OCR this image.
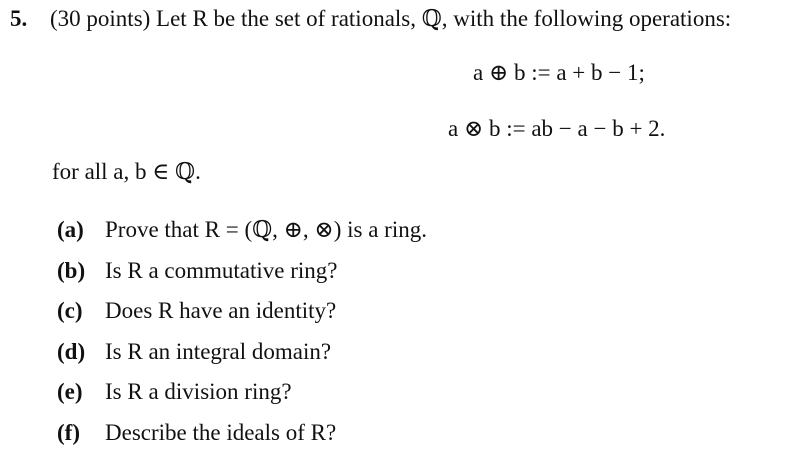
5. (30 points) Let R be the set of rationals, ℚ, with the following operations:
a ⊕ b := a + b − 1;
a ⊗ b := ab − a − b + 2.
for all a, b ∈ ℚ.
(a) Prove that R = (ℚ, ⊕, ⊗) is a ring.
(b) Is R a commutative ring?
(c) Does R have an identity?
(d) Is R an integral domain?
(e) Is R a division ring?
(f) Describe the ideals of R?
